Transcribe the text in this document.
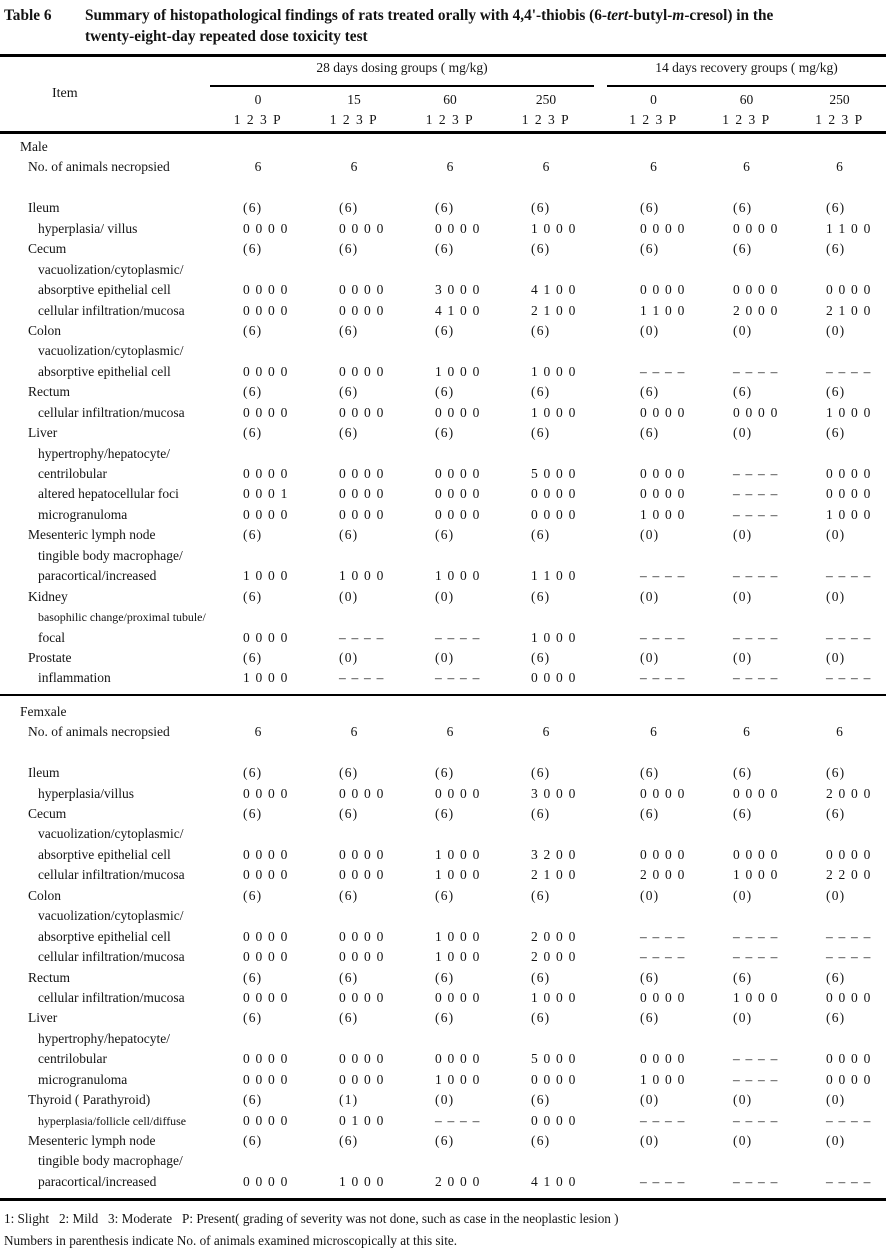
Table 6	Summary of histopathological findings of rats treated orally with 4,4'-thiobis (6-tert-butyl-m-cresol) in the
twenty-eight-day repeated dose toxicity test
Item
28 days dosing groups ( mg/kg)	14 days recovery groups ( mg/kg)
0	15	60	250	0	60	250
1 2 3 P	1 2 3 P	1 2 3 P	1 2 3 P	1 2 3 P	1 2 3 P	1 2 3 P
Male
No. of animals necropsied	6	6	6	6	6	6	6
Ileum	(6)	(6)	(6)	(6)	(6)	(6)	(6)
hyperplasia/ villus	0 0 0 0	0 0 0 0	0 0 0 0	1 0 0 0	0 0 0 0	0 0 0 0	1 1 0 0
Cecum	(6)	(6)	(6)	(6)	(6)	(6)	(6)
vacuolization/cytoplasmic/
absorptive epithelial cell	0 0 0 0	0 0 0 0	3 0 0 0	4 1 0 0	0 0 0 0	0 0 0 0	0 0 0 0
cellular infiltration/mucosa	0 0 0 0	0 0 0 0	4 1 0 0	2 1 0 0	1 1 0 0	2 0 0 0	2 1 0 0
Colon	(6)	(6)	(6)	(6)	(0)	(0)	(0)
vacuolization/cytoplasmic/
absorptive epithelial cell	0 0 0 0	0 0 0 0	1 0 0 0	1 0 0 0	– – – –	– – – –	– – – –
Rectum	(6)	(6)	(6)	(6)	(6)	(6)	(6)
cellular infiltration/mucosa	0 0 0 0	0 0 0 0	0 0 0 0	1 0 0 0	0 0 0 0	0 0 0 0	1 0 0 0
Liver	(6)	(6)	(6)	(6)	(6)	(0)	(6)
hypertrophy/hepatocyte/
centrilobular	0 0 0 0	0 0 0 0	0 0 0 0	5 0 0 0	0 0 0 0	– – – –	0 0 0 0
altered hepatocellular foci	0 0 0 1	0 0 0 0	0 0 0 0	0 0 0 0	0 0 0 0	– – – –	0 0 0 0
microgranuloma	0 0 0 0	0 0 0 0	0 0 0 0	0 0 0 0	1 0 0 0	– – – –	1 0 0 0
Mesenteric lymph node	(6)	(6)	(6)	(6)	(0)	(0)	(0)
tingible body macrophage/
paracortical/increased	1 0 0 0	1 0 0 0	1 0 0 0	1 1 0 0	– – – –	– – – –	– – – –
Kidney	(6)	(0)	(0)	(6)	(0)	(0)	(0)
basophilic change/proximal tubule/
focal	0 0 0 0	– – – –	– – – –	1 0 0 0	– – – –	– – – –	– – – –
Prostate	(6)	(0)	(0)	(6)	(0)	(0)	(0)
inflammation	1 0 0 0	– – – –	– – – –	0 0 0 0	– – – –	– – – –	– – – –
Femxale
No. of animals necropsied	6	6	6	6	6	6	6
Ileum	(6)	(6)	(6)	(6)	(6)	(6)	(6)
hyperplasia/villus	0 0 0 0	0 0 0 0	0 0 0 0	3 0 0 0	0 0 0 0	0 0 0 0	2 0 0 0
Cecum	(6)	(6)	(6)	(6)	(6)	(6)	(6)
vacuolization/cytoplasmic/
absorptive epithelial cell	0 0 0 0	0 0 0 0	1 0 0 0	3 2 0 0	0 0 0 0	0 0 0 0	0 0 0 0
cellular infiltration/mucosa	0 0 0 0	0 0 0 0	1 0 0 0	2 1 0 0	2 0 0 0	1 0 0 0	2 2 0 0
Colon	(6)	(6)	(6)	(6)	(0)	(0)	(0)
vacuolization/cytoplasmic/
absorptive epithelial cell	0 0 0 0	0 0 0 0	1 0 0 0	2 0 0 0	– – – –	– – – –	– – – –
cellular infiltration/mucosa	0 0 0 0	0 0 0 0	1 0 0 0	2 0 0 0	– – – –	– – – –	– – – –
Rectum	(6)	(6)	(6)	(6)	(6)	(6)	(6)
cellular infiltration/mucosa	0 0 0 0	0 0 0 0	0 0 0 0	1 0 0 0	0 0 0 0	1 0 0 0	0 0 0 0
Liver	(6)	(6)	(6)	(6)	(6)	(0)	(6)
hypertrophy/hepatocyte/
centrilobular	0 0 0 0	0 0 0 0	0 0 0 0	5 0 0 0	0 0 0 0	– – – –	0 0 0 0
microgranuloma	0 0 0 0	0 0 0 0	1 0 0 0	0 0 0 0	1 0 0 0	– – – –	0 0 0 0
Thyroid ( Parathyroid)	(6)	(1)	(0)	(6)	(0)	(0)	(0)
hyperplasia/follicle cell/diffuse	0 0 0 0	0 1 0 0	– – – –	0 0 0 0	– – – –	– – – –	– – – –
Mesenteric lymph node	(6)	(6)	(6)	(6)	(0)	(0)	(0)
tingible body macrophage/
paracortical/increased	0 0 0 0	1 0 0 0	2 0 0 0	4 1 0 0	– – – –	– – – –	– – – –
1: Slight   2: Mild   3: Moderate   P: Present( grading of severity was not done, such as case in the neoplastic lesion )
Numbers in parenthesis indicate No. of animals examined microscopically at this site.
